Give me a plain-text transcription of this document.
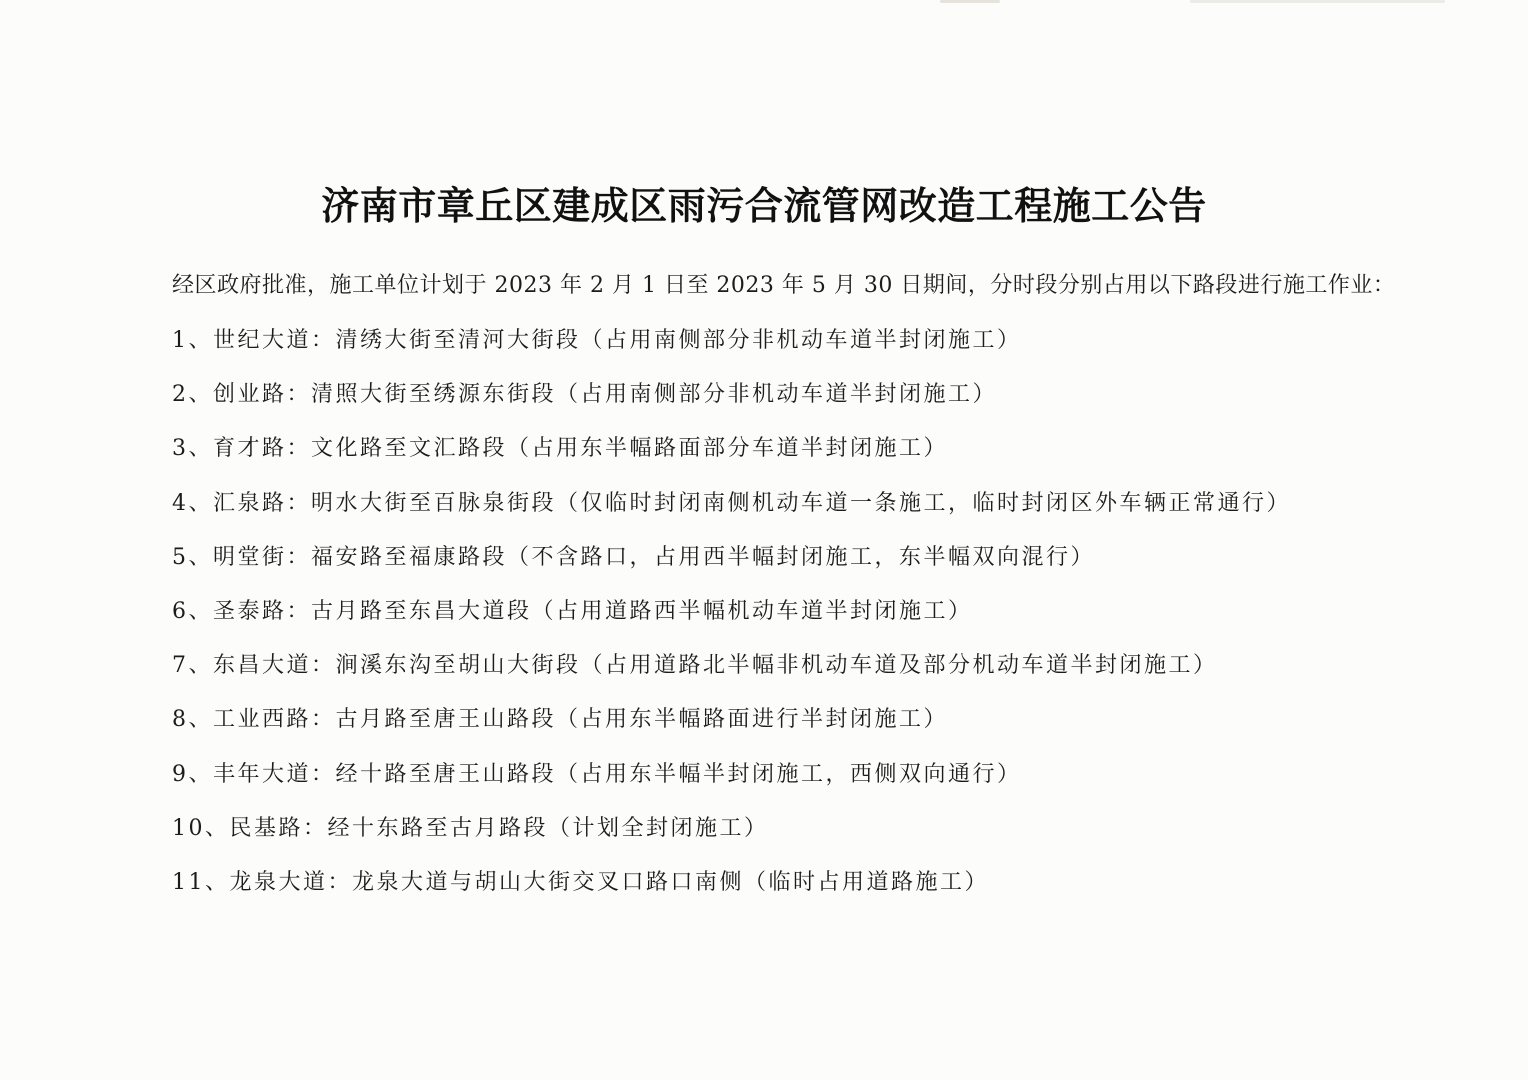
济南市章丘区建成区雨污合流管网改造工程施工公告
经区政府批准，施工单位计划于 2023 年 2 月 1 日至 2023 年 5 月 30 日期间，分时段分别占用以下路段进行施工作业：
1、世纪大道：清绣大街至清河大街段（占用南侧部分非机动车道半封闭施工）
2、创业路：清照大街至绣源东街段（占用南侧部分非机动车道半封闭施工）
3、育才路：文化路至文汇路段（占用东半幅路面部分车道半封闭施工）
4、汇泉路：明水大街至百脉泉街段（仅临时封闭南侧机动车道一条施工，临时封闭区外车辆正常通行）
5、明堂街：福安路至福康路段（不含路口，占用西半幅封闭施工，东半幅双向混行）
6、圣泰路：古月路至东昌大道段（占用道路西半幅机动车道半封闭施工）
7、东昌大道：涧溪东沟至胡山大街段（占用道路北半幅非机动车道及部分机动车道半封闭施工）
8、工业西路：古月路至唐王山路段（占用东半幅路面进行半封闭施工）
9、丰年大道：经十路至唐王山路段（占用东半幅半封闭施工，西侧双向通行）
10、民基路：经十东路至古月路段（计划全封闭施工）
11、龙泉大道：龙泉大道与胡山大街交叉口路口南侧（临时占用道路施工）
